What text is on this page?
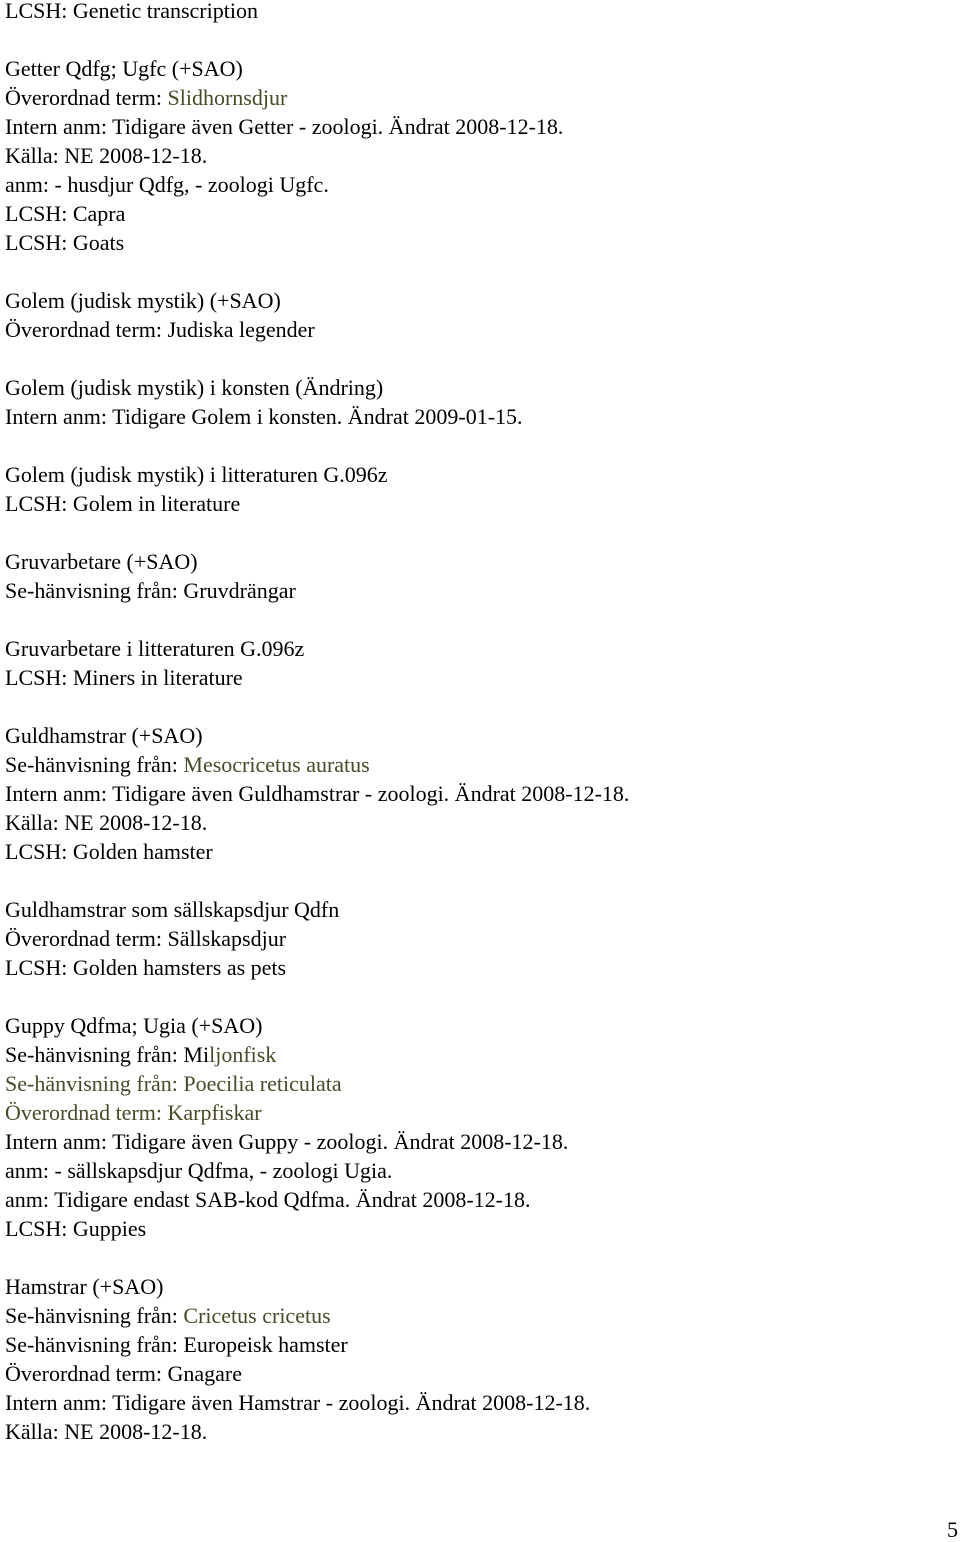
LCSH: Genetic transcription
Getter Qdfg; Ugfc (+SAO)
Överordnad term: Slidhornsdjur
Intern anm: Tidigare även Getter - zoologi. Ändrat 2008-12-18.
Källa: NE 2008-12-18.
anm: - husdjur Qdfg, - zoologi Ugfc.
LCSH: Capra
LCSH: Goats
Golem (judisk mystik) (+SAO)
Överordnad term: Judiska legender
Golem (judisk mystik) i konsten (Ändring)
Intern anm: Tidigare Golem i konsten. Ändrat 2009-01-15.
Golem (judisk mystik) i litteraturen G.096z
LCSH: Golem in literature
Gruvarbetare (+SAO)
Se-hänvisning från: Gruvdrängar
Gruvarbetare i litteraturen G.096z
LCSH: Miners in literature
Guldhamstrar (+SAO)
Se-hänvisning från: Mesocricetus auratus
Intern anm: Tidigare även Guldhamstrar - zoologi. Ändrat 2008-12-18.
Källa: NE 2008-12-18.
LCSH: Golden hamster
Guldhamstrar som sällskapsdjur Qdfn
Överordnad term: Sällskapsdjur
LCSH: Golden hamsters as pets
Guppy Qdfma; Ugia (+SAO)
Se-hänvisning från: Miljonfisk
Se-hänvisning från: Poecilia reticulata
Överordnad term: Karpfiskar
Intern anm: Tidigare även Guppy - zoologi. Ändrat 2008-12-18.
anm: - sällskapsdjur Qdfma, - zoologi Ugia.
anm: Tidigare endast SAB-kod Qdfma. Ändrat 2008-12-18.
LCSH: Guppies
Hamstrar (+SAO)
Se-hänvisning från: Cricetus cricetus
Se-hänvisning från: Europeisk hamster
Överordnad term: Gnagare
Intern anm: Tidigare även Hamstrar - zoologi. Ändrat 2008-12-18.
Källa: NE 2008-12-18.
5
